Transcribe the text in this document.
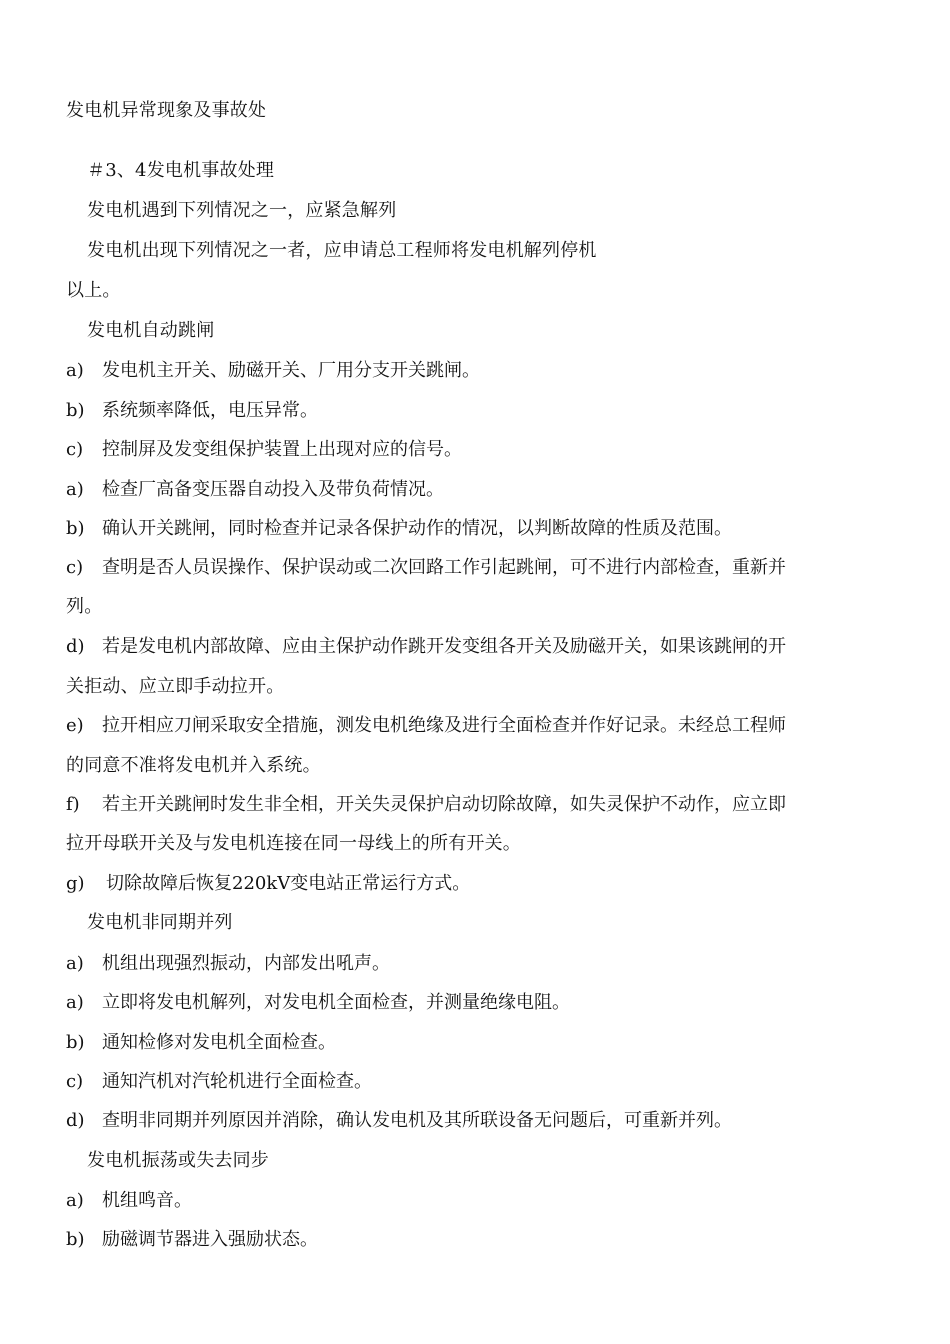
发电机异常现象及事故处
＃3、4发电机事故处理
发电机遇到下列情况之一，应紧急解列
发电机出现下列情况之一者，应申请总工程师将发电机解列停机
以上。
发电机自动跳闸
a) 发电机主开关、励磁开关、厂用分支开关跳闸。
b) 系统频率降低，电压异常。
c) 控制屏及发变组保护装置上出现对应的信号。
a) 检查厂高备变压器自动投入及带负荷情况。
b) 确认开关跳闸，同时检查并记录各保护动作的情况，以判断故障的性质及范围。
c) 查明是否人员误操作、保护误动或二次回路工作引起跳闸，可不进行内部检查，重新并
列。
d) 若是发电机内部故障、应由主保护动作跳开发变组各开关及励磁开关，如果该跳闸的开
关拒动、应立即手动拉开。
e) 拉开相应刀闸采取安全措施，测发电机绝缘及进行全面检查并作好记录。未经总工程师
的同意不准将发电机并入系统。
f) 若主开关跳闸时发生非全相，开关失灵保护启动切除故障，如失灵保护不动作，应立即
拉开母联开关及与发电机连接在同一母线上的所有开关。
g) 切除故障后恢复220kV变电站正常运行方式。
发电机非同期并列
a) 机组出现强烈振动，内部发出吼声。
a) 立即将发电机解列，对发电机全面检查，并测量绝缘电阻。
b) 通知检修对发电机全面检查。
c) 通知汽机对汽轮机进行全面检查。
d) 查明非同期并列原因并消除，确认发电机及其所联设备无问题后，可重新并列。
发电机振荡或失去同步
a) 机组鸣音。
b) 励磁调节器进入强励状态。
